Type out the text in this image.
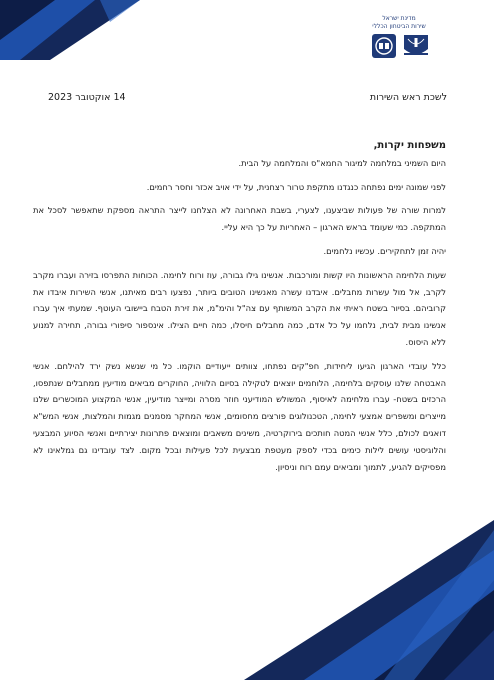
מדינת ישראל
שירות הביטחון הכללי
לשכת ראש השירות
14 אוקטובר 2023

משפחות יקרות,

היום השמיני במלחמה למיגור החמא"ס והמלחמה על הבית.

לפני שמונה ימים נפתחה כנגדנו מתקפת טרור רצחנית, על ידי אויב אכזר וחסר רחמים.

למרות שורה של פעולות שביצענו, לצערי, בשבת האחרונה לא הצלחנו לייצר התראה מספקת שתאפשר לסכל את המתקפה. כמי שעומד בראש הארגון – האחריות על כך היא עליי.

יהיה זמן לתחקירים. עכשיו נלחמים.

שעות הלחימה הראשונות היו קשות ומורכבות. אנשינו גילו גבורה, עוז ורוח לחימה. הכוחות התפרסו בזירה ועברו מקרב לקרב, אל מול עשרות מחבלים. איבדנו עשרה מאנשינו הטובים ביותר, נפצעו רבים מאיתנו, אנשי השירות איבדו את קרוביהם. בסיור בשטח ראיתי את הקרב המשותף עם צה"ל והימ"מ, את זירת הטבח ביישובי העוטף. שמעתי איך עברו אנשינו מבית לבית, נלחמו על כל אדם, כמה מחבלים חיסלו, כמה חיים הצילו. אינספור סיפורי גבורה, תחירה למנוע ללא היסוס.

כלל עובדי הארגון הגיעו ליחידות, חפ"קים נפתחו, צוותים ייעודיים הוקמו. כל מי שנשא נשק ירד להילחם. אנשי האבטחה שלנו עוסקים בלחימה, הלוחמים יוצאים לטקילה בסיום הלוויה, החוקרים מביאים מודיעין ממחבלים שנתפסו, הרכזים בשטח- עברו מלחימה לאיסוף, המשולש המודיעני חוזר מסרה ומייצר מודיעין, אנשי המקצוע המוכשרים שלנו מייצרים ומשפרים אמצעי לחימה, הטכנולוגים פורצים מחסומים, אנשי המחקר מסמנים מגמות והמלצות, אנשי המש"א דואגים לכולם, כלל אנשי המטה חותכים בירוקרטיה, משינים משאבים ומוצאים פתרונות יצירתיים ואנשי הסיוע המבצעי והלוגיסטי עושים לילות כימים בכדי לספק מעטפת מבצעית לכל פעילות ובכל מקום. לצד עובדינו גם גמלאינו לא מפסיקים להגיע, לתמוך ומביאים עמם רוח וניסיון.
